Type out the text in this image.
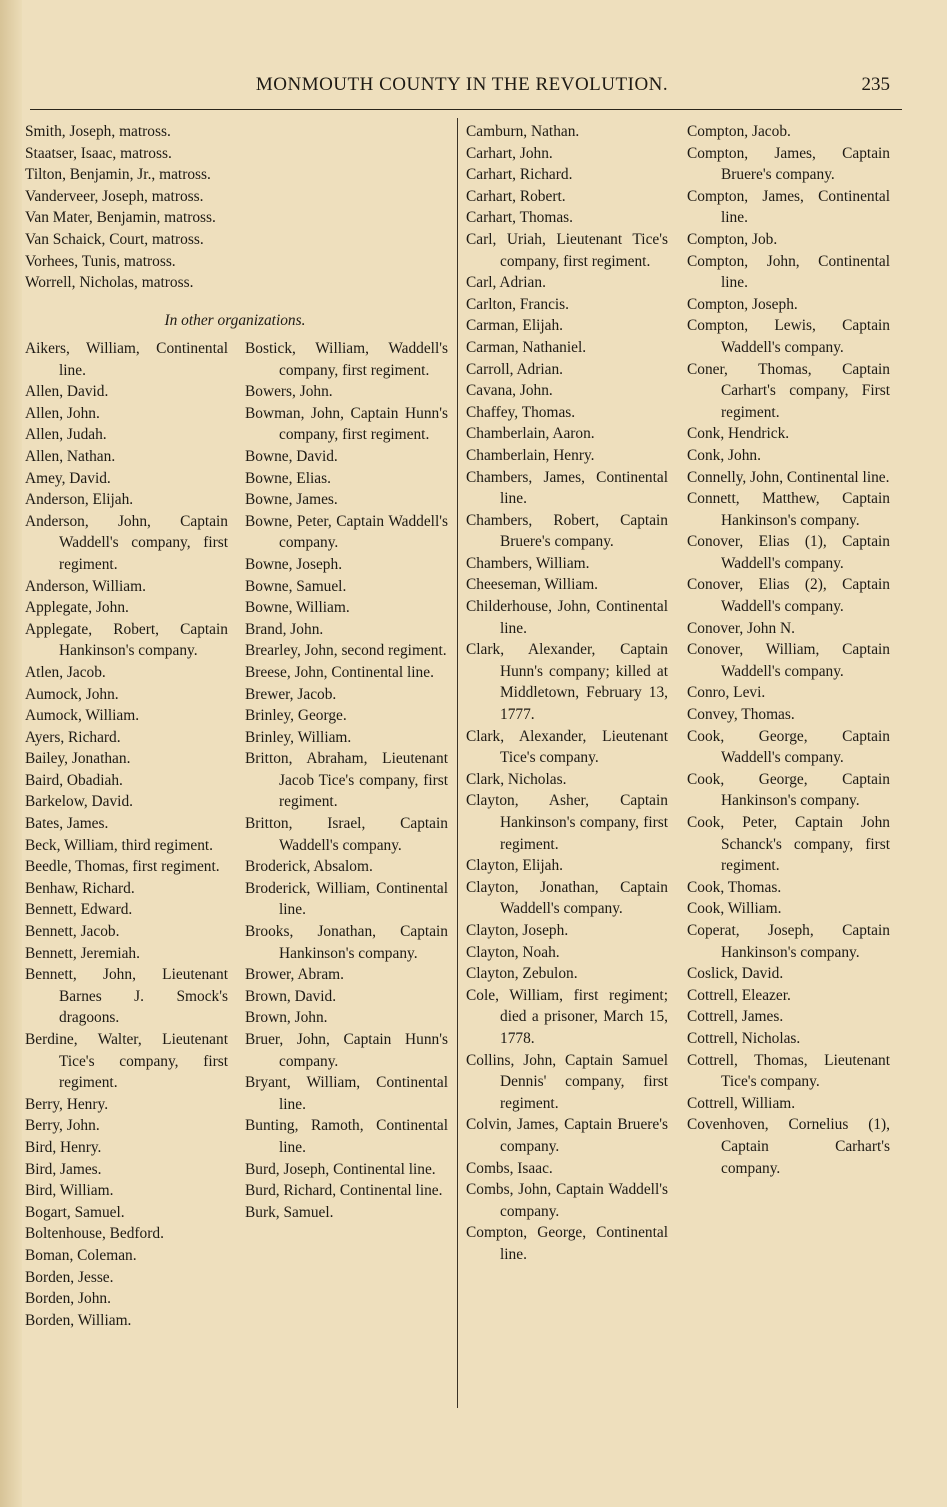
MONMOUTH COUNTY IN THE REVOLUTION.	235
Smith, Joseph, matross.
Staatser, Isaac, matross.
Tilton, Benjamin, Jr., matross.
Vanderveer, Joseph, matross.
Van Mater, Benjamin, matross.
Van Schaick, Court, matross.
Vorhees, Tunis, matross.
Worrell, Nicholas, matross.
In other organizations.
Aikers, William, Continental line.
Allen, David.
Allen, John.
Allen, Judah.
Allen, Nathan.
Amey, David.
Anderson, Elijah.
Anderson, John, Captain Waddell's company, first regiment.
Anderson, William.
Applegate, John.
Applegate, Robert, Captain Hankinson's company.
Atlen, Jacob.
Aumock, John.
Aumock, William.
Ayers, Richard.
Bailey, Jonathan.
Baird, Obadiah.
Barkelow, David.
Bates, James.
Beck, William, third regiment.
Beedle, Thomas, first regiment.
Benhaw, Richard.
Bennett, Edward.
Bennett, Jacob.
Bennett, Jeremiah.
Bennett, John, Lieutenant Barnes J. Smock's dragoons.
Berdine, Walter, Lieutenant Tice's company, first regiment.
Berry, Henry.
Berry, John.
Bird, Henry.
Bird, James.
Bird, William.
Bogart, Samuel.
Boltenhouse, Bedford.
Boman, Coleman.
Borden, Jesse.
Borden, John.
Borden, William.
Bostick, William, Waddell's company, first regiment.
Bowers, John.
Bowman, John, Captain Hunn's company, first regiment.
Bowne, David.
Bowne, Elias.
Bowne, James.
Bowne, Peter, Captain Waddell's company.
Bowne, Joseph.
Bowne, Samuel.
Bowne, William.
Brand, John.
Brearley, John, second regiment.
Breese, John, Continental line.
Brewer, Jacob.
Brinley, George.
Brinley, William.
Britton, Abraham, Lieutenant Jacob Tice's company, first regiment.
Britton, Israel, Captain Waddell's company.
Broderick, Absalom.
Broderick, William, Continental line.
Brooks, Jonathan, Captain Hankinson's company.
Brower, Abram.
Brown, David.
Brown, John.
Bruer, John, Captain Hunn's company.
Bryant, William, Continental line.
Bunting, Ramoth, Continental line.
Burd, Joseph, Continental line.
Burd, Richard, Continental line.
Burk, Samuel.
Camburn, Nathan.
Carhart, John.
Carhart, Richard.
Carhart, Robert.
Carhart, Thomas.
Carl, Uriah, Lieutenant Tice's company, first regiment.
Carl, Adrian.
Carlton, Francis.
Carman, Elijah.
Carman, Nathaniel.
Carroll, Adrian.
Cavana, John.
Chaffey, Thomas.
Chamberlain, Aaron.
Chamberlain, Henry.
Chambers, James, Continental line.
Chambers, Robert, Captain Bruere's company.
Chambers, William.
Cheeseman, William.
Childerhouse, John, Continental line.
Clark, Alexander, Captain Hunn's company; killed at Middletown, February 13, 1777.
Clark, Alexander, Lieutenant Tice's company.
Clark, Nicholas.
Clayton, Asher, Captain Hankinson's company, first regiment.
Clayton, Elijah.
Clayton, Jonathan, Captain Waddell's company.
Clayton, Joseph.
Clayton, Noah.
Clayton, Zebulon.
Cole, William, first regiment; died a prisoner, March 15, 1778.
Collins, John, Captain Samuel Dennis' company, first regiment.
Colvin, James, Captain Bruere's company.
Combs, Isaac.
Combs, John, Captain Waddell's company.
Compton, George, Continental line.
Compton, Jacob.
Compton, James, Captain Bruere's company.
Compton, James, Continental line.
Compton, Job.
Compton, John, Continental line.
Compton, Joseph.
Compton, Lewis, Captain Waddell's company.
Coner, Thomas, Captain Carhart's company, First regiment.
Conk, Hendrick.
Conk, John.
Connelly, John, Continental line.
Connett, Matthew, Captain Hankinson's company.
Conover, Elias (1), Captain Waddell's company.
Conover, Elias (2), Captain Waddell's company.
Conover, John N.
Conover, William, Captain Waddell's company.
Conro, Levi.
Convey, Thomas.
Cook, George, Captain Waddell's company.
Cook, George, Captain Hankinson's company.
Cook, Peter, Captain John Schanck's company, first regiment.
Cook, Thomas.
Cook, William.
Coperat, Joseph, Captain Hankinson's company.
Coslick, David.
Cottrell, Eleazer.
Cottrell, James.
Cottrell, Nicholas.
Cottrell, Thomas, Lieutenant Tice's company.
Cottrell, William.
Covenhoven, Cornelius (1), Captain Carhart's company.
